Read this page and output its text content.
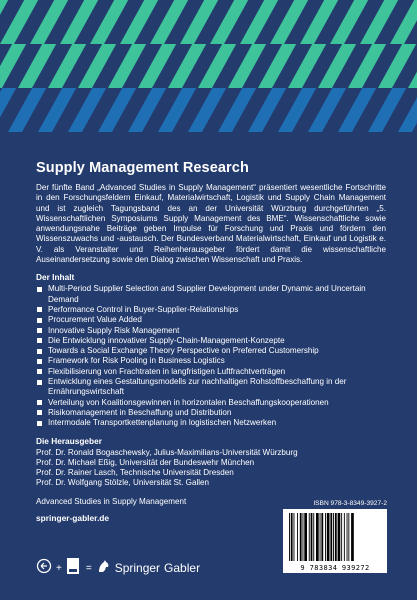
Supply Management Research

Der fünfte Band „Advanced Studies in Supply Management“ präsentiert wesentliche Fortschritte in den Forschungsfeldern Einkauf, Materialwirtschaft, Logistik und Supply Chain Management und ist zugleich Tagungsband des an der Universität Würzburg durchgeführten „5. Wissenschaftlichen Symposiums Supply Management des BME“. Wissenschaftliche sowie anwendungsnahe Beiträge geben Impulse für Forschung und Praxis und fördern den Wissenszuwachs und -austausch. Der Bundesverband Materialwirtschaft, Einkauf und Logistik e. V. als Veranstalter und Reihenherausgeber fördert damit die wissenschaftliche Auseinandersetzung sowie den Dialog zwischen Wissenschaft und Praxis.

Der Inhalt
Multi-Period Supplier Selection and Supplier Development under Dynamic and Uncertain Demand
Performance Control in Buyer-Supplier-Relationships
Procurement Value Added
Innovative Supply Risk Management
Die Entwicklung innovativer Supply-Chain-Management-Konzepte
Towards a Social Exchange Theory Perspective on Preferred Customership
Framework for Risk Pooling in Business Logistics
Flexibilisierung von Frachtraten in langfristigen Luftfrachtverträgen
Entwicklung eines Gestaltungsmodells zur nachhaltigen Rohstoffbeschaffung in der Ernährungswirtschaft
Verteilung von Koalitionsgewinnen in horizontalen Beschaffungskooperationen
Risikomanagement in Beschaffung und Distribution
Intermodale Transportkettenplanung in logistischen Netzwerken
Die Herausgeber
Prof. Dr. Ronald Bogaschewsky, Julius-Maximilians-Universität Würzburg
Prof. Dr. Michael Eßig, Universität der Bundeswehr München
Prof. Dr. Rainer Lasch, Technische Universität Dresden
Prof. Dr. Wolfgang Stölzle, Universität St. Gallen
Advanced Studies in Supply Management
springer-gabler.de
ISBN 978-3-8349-3927-2
9 783834 939272
+ = Springer Gabler
